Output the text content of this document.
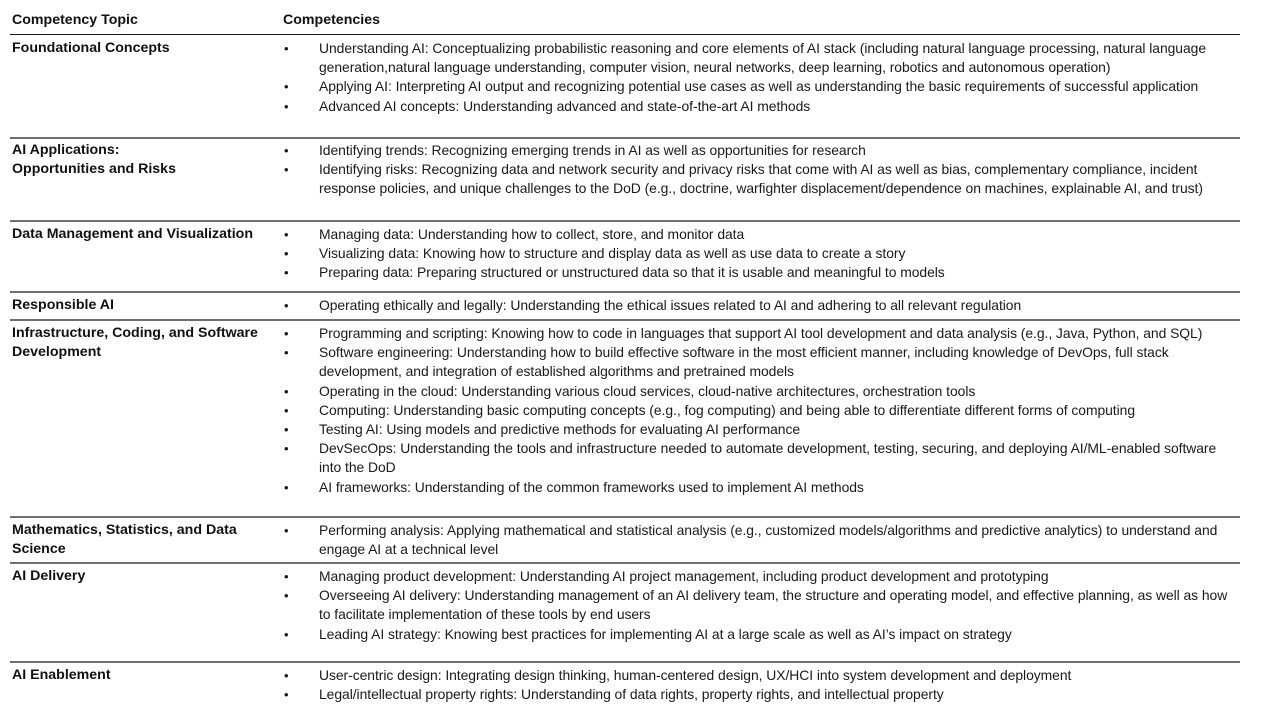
Competency Topic	Competencies
Foundational Concepts	• Understanding AI: Conceptualizing probabilistic reasoning and core elements of AI stack (including natural language processing, natural language generation,natural language understanding, computer vision, neural networks, deep learning, robotics and autonomous operation)
• Applying AI: Interpreting AI output and recognizing potential use cases as well as understanding the basic requirements of successful application
• Advanced AI concepts: Understanding advanced and state-of-the-art AI methods
AI Applications:
Opportunities and Risks
• Identifying trends: Recognizing emerging trends in AI as well as opportunities for research
• Identifying risks: Recognizing data and network security and privacy risks that come with AI as well as bias, complementary compliance, incident response policies, and unique challenges to the DoD (e.g., doctrine, warfighter displacement/dependence on machines, explainable AI, and trust)
Data Management and Visualization	• Managing data: Understanding how to collect, store, and monitor data
• Visualizing data: Knowing how to structure and display data as well as use data to create a story
• Preparing data: Preparing structured or unstructured data so that it is usable and meaningful to models
Responsible AI	• Operating ethically and legally: Understanding the ethical issues related to AI and adhering to all relevant regulation
Infrastructure, Coding, and Software
Development
• Programming and scripting: Knowing how to code in languages that support AI tool development and data analysis (e.g., Java, Python, and SQL)
• Software engineering: Understanding how to build effective software in the most efficient manner, including knowledge of DevOps, full stack development, and integration of established algorithms and pretrained models
• Operating in the cloud: Understanding various cloud services, cloud-native architectures, orchestration tools
• Computing: Understanding basic computing concepts (e.g., fog computing) and being able to differentiate different forms of computing
• Testing AI: Using models and predictive methods for evaluating AI performance
• DevSecOps: Understanding the tools and infrastructure needed to automate development, testing, securing, and deploying AI/ML-enabled software into the DoD
• AI frameworks: Understanding of the common frameworks used to implement AI methods
Mathematics, Statistics, and Data
Science
• Performing analysis: Applying mathematical and statistical analysis (e.g., customized models/algorithms and predictive analytics) to understand and engage AI at a technical level
AI Delivery	• Managing product development: Understanding AI project management, including product development and prototyping
• Overseeing AI delivery: Understanding management of an AI delivery team, the structure and operating model, and effective planning, as well as how to facilitate implementation of these tools by end users
• Leading AI strategy: Knowing best practices for implementing AI at a large scale as well as AI’s impact on strategy
AI Enablement	• User-centric design: Integrating design thinking, human-centered design, UX/HCI into system development and deployment
• Legal/intellectual property rights: Understanding of data rights, property rights, and intellectual property
